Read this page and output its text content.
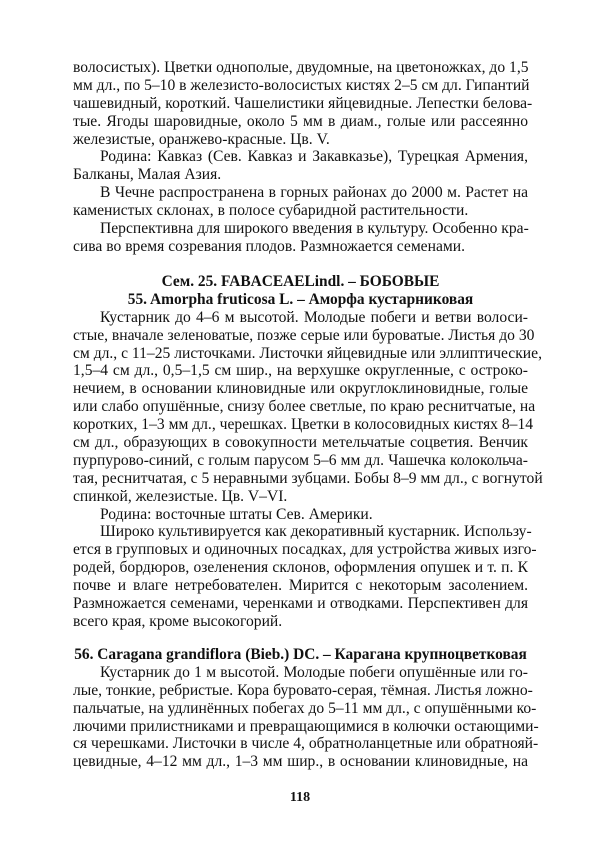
волосистых). Цветки однополые, двудомные, на цветоножках, до 1,5
мм дл., по 5–10 в железисто-волосистых кистях 2–5 см дл. Гипантий
чашевидный, короткий. Чашелистики яйцевидные. Лепестки белова-
тые. Ягоды шаровидные, около 5 мм в диам., голые или рассеянно
железистые, оранжево-красные. Цв. V.
Родина: Кавказ (Сев. Кавказ и Закавказье), Турецкая Армения,
Балканы, Малая Азия.
В Чечне распространена в горных районах до 2000 м. Растет на
каменистых склонах, в полосе субаридной растительности.
Перспективна для широкого введения в культуру. Особенно кра-
сива во время созревания плодов. Размножается семенами.
Сем. 25. FABACEAELindl. – БОБОВЫЕ
55. Amorpha fruticosa L. – Аморфа кустарниковая
Кустарник до 4–6 м высотой. Молодые побеги и ветви волоси-
стые, вначале зеленоватые, позже серые или буроватые. Листья до 30
см дл., с 11–25 листочками. Листочки яйцевидные или эллиптические,
1,5–4 см дл., 0,5–1,5 см шир., на верхушке округленные, с остроко-
нечием, в основании клиновидные или округлоклиновидные, голые
или слабо опушённые, снизу более светлые, по краю реснитчатые, на
коротких, 1–3 мм дл., черешках. Цветки в колосовидных кистях 8–14
см дл., образующих в совокупности метельчатые соцветия. Венчик
пурпурово-синий, с голым парусом 5–6 мм дл. Чашечка колокольча-
тая, реснитчатая, с 5 неравными зубцами. Бобы 8–9 мм дл., с вогнутой
спинкой, железистые. Цв. V–VI.
Родина: восточные штаты Сев. Америки.
Широко культивируется как декоративный кустарник. Использу-
ется в групповых и одиночных посадках, для устройства живых изго-
родей, бордюров, озеленения склонов, оформления опушек и т. п. К
почве и влаге нетребователен. Мирится с некоторым засолением.
Размножается семенами, черенками и отводками. Перспективен для
всего края, кроме высокогорий.
56. Caragana grandiflora (Bieb.) DC. – Карагана крупноцветковая
Кустарник до 1 м высотой. Молодые побеги опушённые или го-
лые, тонкие, ребристые. Кора буровато-серая, тёмная. Листья ложно-
пальчатые, на удлинённых побегах до 5–11 мм дл., с опушёнными ко-
лючими прилистниками и превращающимися в колючки остающими-
ся черешками. Листочки в числе 4, обратноланцетные или обратнояй-
цевидные, 4–12 мм дл., 1–3 мм шир., в основании клиновидные, на
118
